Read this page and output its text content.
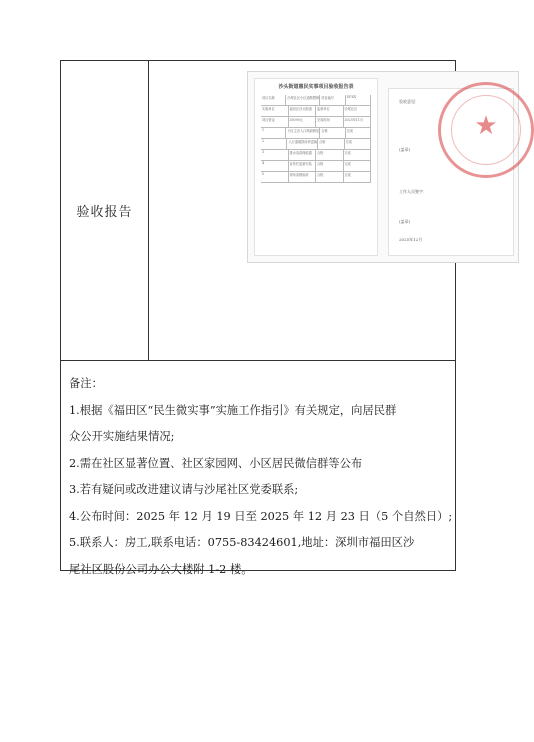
验收报告
沙头街道惠民实事项目验收报告表
项目名称	沙尾社区小区道路整修 项目编号	SY-XX
实施单位	福田区沙头街道	监督单位	沙尾社区
项目资金	35090元	完成时间	2025年11月
1	小区主出入口路面修复 合格	完成
2	人行道破损砖块更换 合格	完成
3	排水沟清理疏通	合格	完成
4	宣传栏更新安装	合格	完成
5	现场清理验收	合格	完成
验收意见：
(盖章)
工作人员签字：
(盖章)
2025年12月
★
备注：
1.根据《福田区“民生微实事”实施工作指引》有关规定，向居民群
众公开实施结果情况;
2.需在社区显著位置、社区家园网、小区居民微信群等公布
3.若有疑问或改进建议请与沙尾社区党委联系;
4.公布时间：2025 年 12 月 19 日至 2025 年 12 月 23 日（5 个自然日）;
5.联系人：房工,联系电话：0755-83424601,地址：深圳市福田区沙
尾社区股份公司办公大楼附 1-2 楼。
